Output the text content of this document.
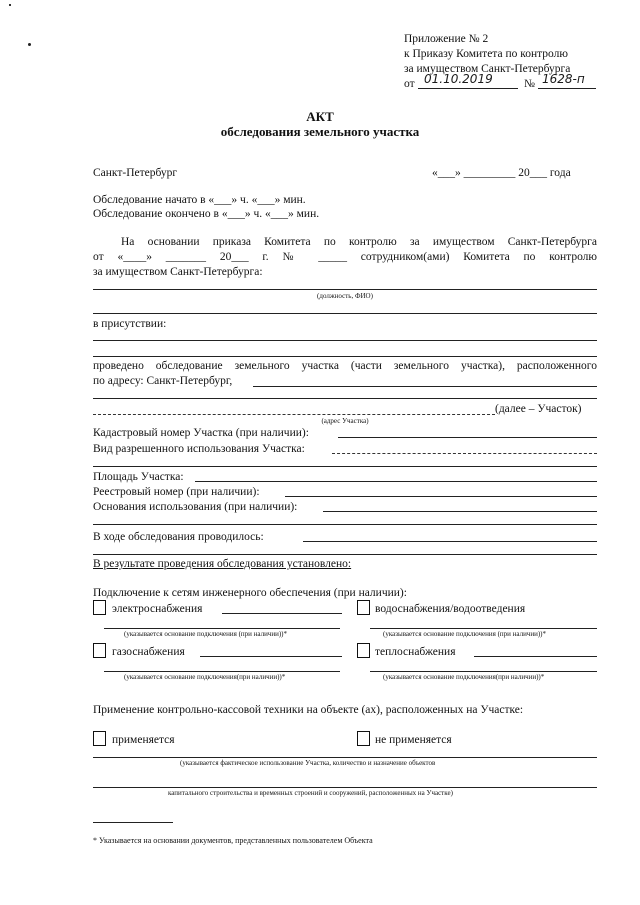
Приложение № 2
к Приказу Комитета по контролю
за имуществом Санкт-Петербурга
от 01.10.2019	№ 1628-п
АКТ
обследования земельного участка
Санкт-Петербург	«___» _________ 20___ года
Обследование начато в «___» ч. «___» мин.
Обследование окончено в «___» ч. «___» мин.
На основании приказа Комитета по контролю за имуществом Санкт-Петербурга
от «____» _______ 20___ г. № _____ сотрудником(ами) Комитета по контролю
за имуществом Санкт-Петербурга:
(должность, ФИО)
в присутствии:
проведено обследование земельного участка (части земельного участка), расположенного
по адресу: Санкт-Петербург,
(далее – Участок)
(адрес Участка)
Кадастровый номер Участка (при наличии):
Вид разрешенного использования Участка:
Площадь Участка:
Реестровый номер (при наличии):
Основания использования (при наличии):
В ходе обследования проводилось:
В результате проведения обследования установлено:
Подключение к сетям инженерного обеспечения (при наличии):
электроснабжения	водоснабжения/водоотведения
(указывается основание подключения (при наличии))*	(указывается основание подключения (при наличии))*
газоснабжения	теплоснабжения
(указывается основание подключения(при наличии))*	(указывается основание подключения(при наличии))*
Применение контрольно-кассовой техники на объекте (ах), расположенных на Участке:
применяется	не применяется
(указывается фактическое использование Участка, количество и назначение объектов
капитального строительства и временных строений и сооружений, расположенных на Участке)
* Указывается на основании документов, представленных пользователем Объекта
